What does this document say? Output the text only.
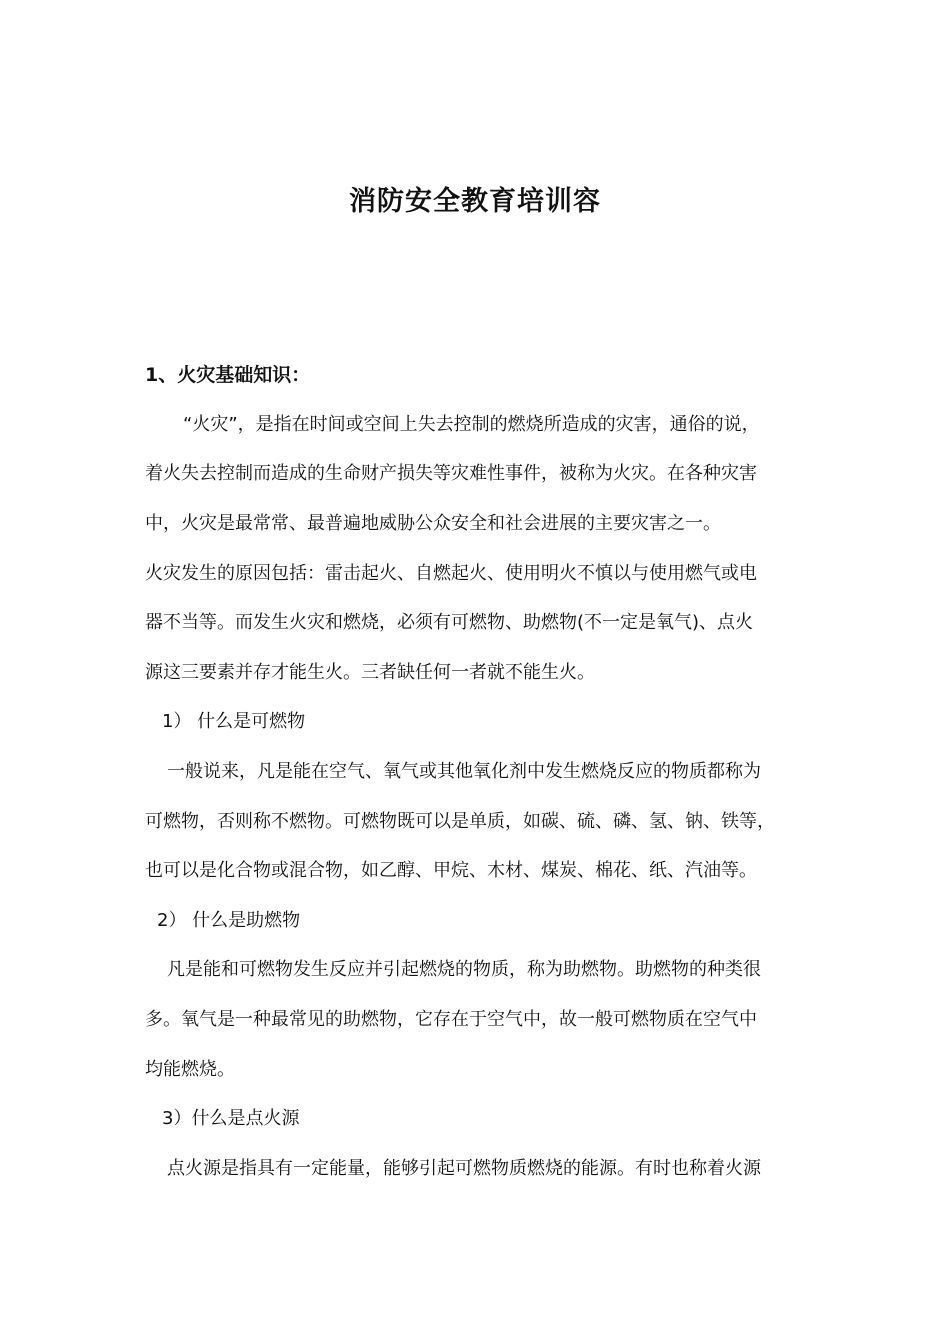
消防安全教育培训容
1、火灾基础知识：
“火灾”，是指在时间或空间上失去控制的燃烧所造成的灾害，通俗的说，
着火失去控制而造成的生命财产损失等灾难性事件，被称为火灾。在各种灾害
中，火灾是最常常、最普遍地威胁公众安全和社会进展的主要灾害之一。
火灾发生的原因包括：雷击起火、自燃起火、使用明火不慎以与使用燃气或电
器不当等。而发生火灾和燃烧，必须有可燃物、助燃物(不一定是氧气)、点火
源这三要素并存才能生火。三者缺任何一者就不能生火。
1） 什么是可燃物
一般说来，凡是能在空气、氧气或其他氧化剂中发生燃烧反应的物质都称为
可燃物，否则称不燃物。可燃物既可以是单质，如碳、硫、磷、氢、钠、铁等，
也可以是化合物或混合物，如乙醇、甲烷、木材、煤炭、棉花、纸、汽油等。
2） 什么是助燃物
凡是能和可燃物发生反应并引起燃烧的物质，称为助燃物。助燃物的种类很
多。氧气是一种最常见的助燃物，它存在于空气中，故一般可燃物质在空气中
均能燃烧。
3）什么是点火源
点火源是指具有一定能量，能够引起可燃物质燃烧的能源。有时也称着火源
